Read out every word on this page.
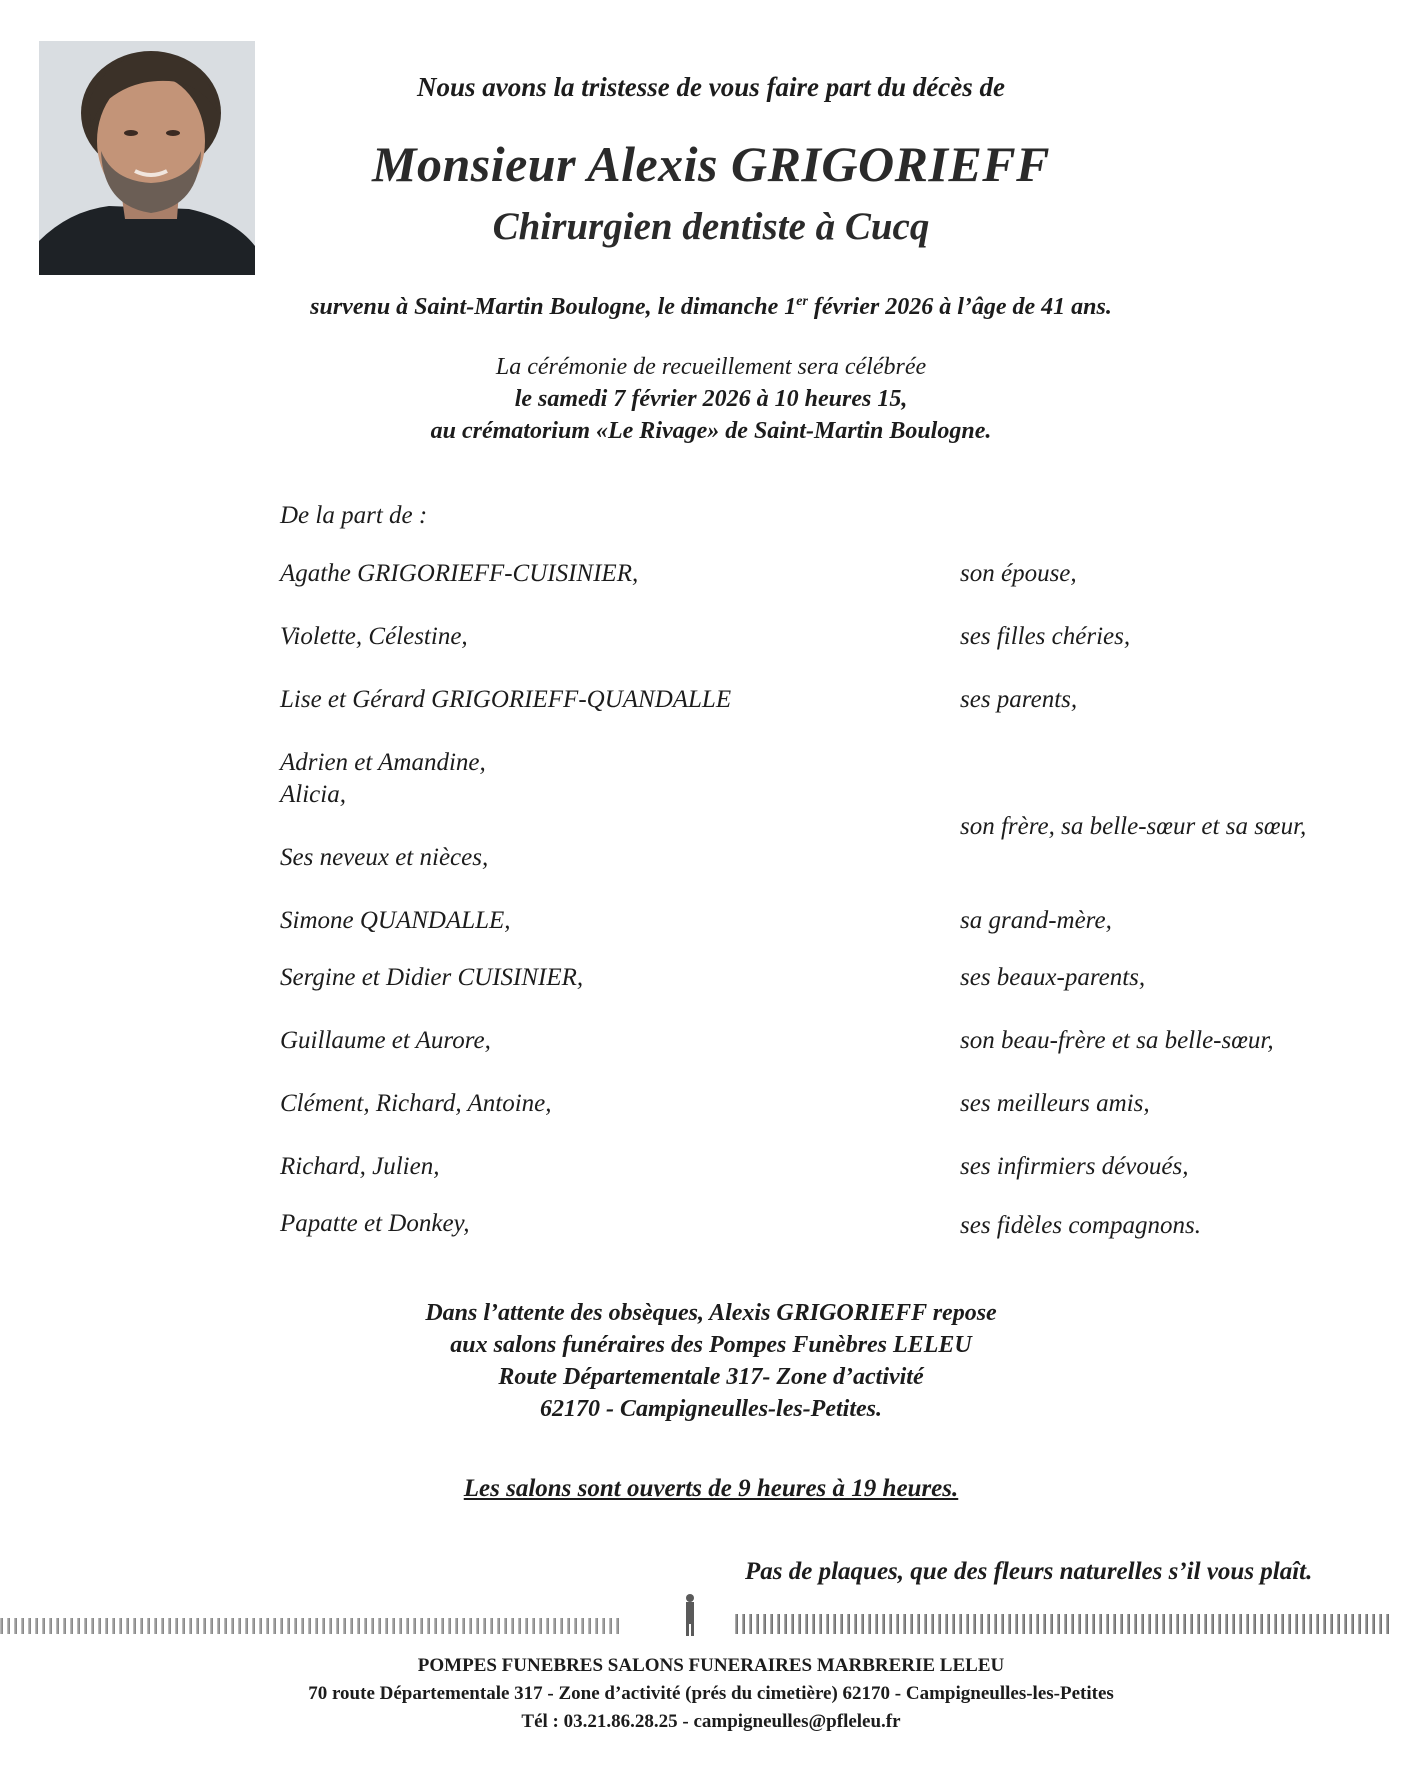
Nous avons la tristesse de vous faire part du décès de
Monsieur Alexis GRIGORIEFF
Chirurgien dentiste à Cucq
survenu à Saint-Martin Boulogne, le dimanche 1er février 2026 à l’âge de 41 ans.
La cérémonie de recueillement sera célébrée
le samedi 7 février 2026 à 10 heures 15,
au crématorium «Le Rivage» de Saint-Martin Boulogne.
De la part de :
Agathe GRIGORIEFF-CUISINIER,
Violette, Célestine,
Lise et Gérard GRIGORIEFF-QUANDALLE
Adrien et Amandine,
Alicia,
Ses neveux et nièces,
Simone QUANDALLE,
Sergine et Didier CUISINIER,
Guillaume et Aurore,
Clément, Richard, Antoine,
Richard, Julien,
Papatte et Donkey,
son épouse,
ses filles chéries,
ses parents,
son frère, sa belle-sœur et sa sœur,
sa grand-mère,
ses beaux-parents,
son beau-frère et sa belle-sœur,
ses meilleurs amis,
ses infirmiers dévoués,
ses fidèles compagnons.
Dans l’attente des obsèques, Alexis GRIGORIEFF repose
aux salons funéraires des Pompes Funèbres LELEU
Route Départementale 317- Zone d’activité
62170 - Campigneulles-les-Petites.
Les salons sont ouverts de 9 heures à 19 heures.
Pas de plaques, que des fleurs naturelles s’il vous plaît.
POMPES FUNEBRES SALONS FUNERAIRES MARBRERIE LELEU
70 route Départementale 317 - Zone d’activité (prés du cimetière) 62170 - Campigneulles-les-Petites
Tél : 03.21.86.28.25 - campigneulles@pfleleu.fr
